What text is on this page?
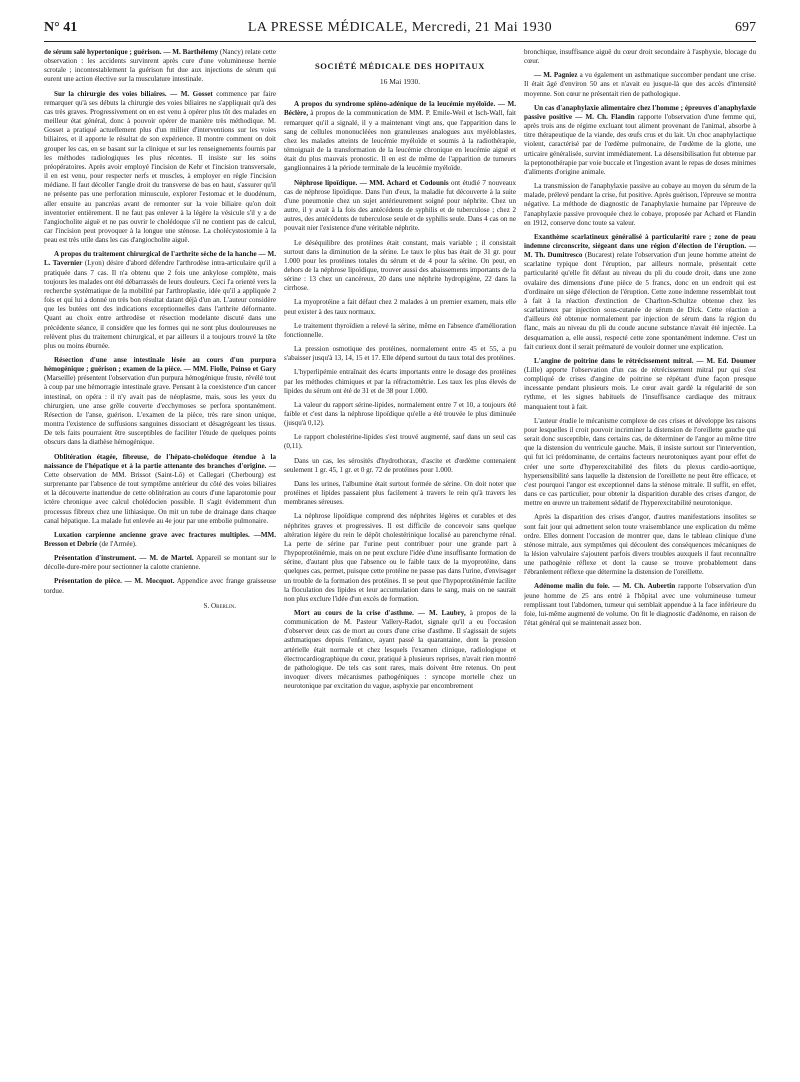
N° 41	LA PRESSE MÉDICALE, Mercredi, 21 Mai 1930	697

de sérum salé hypertonique ; guérison. — M. Barthélemy (Nancy) relate cette observation : les accidents survinrent après cure d'une volumineuse hernie scrotale ; incontestablement la guérison fut due aux injections de sérum qui eurent une action élective sur la musculature intestinale.

Sur la chirurgie des voies biliaires. — M. Gosset commence par faire remarquer qu'à ses débuts la chirurgie des voies biliaires ne s'appliquait qu'à des cas très graves. Progressivement on en est venu à opérer plus tôt des malades en meilleur état général, donc à pouvoir opérer de manière très méthodique. M. Gosset a pratiqué actuellement plus d'un millier d'interventions sur les voies biliaires, et il apporte le résultat de son expérience. Il montre comment on doit grouper les cas, en se basant sur la clinique et sur les renseignements fournis par les méthodes radiologiques les plus récentes. Il insiste sur les soins préopératoires. Après avoir employé l'incision de Kehr et l'incision transversale, il en est venu, pour respecter nerfs et muscles, à employer en règle l'incision médiane. Il faut décoller l'angle droit du transverse de bas en haut, s'assurer qu'il ne présente pas une perforation minuscule, explorer l'estomac et le duodénum, aller ensuite au pancréas avant de remonter sur la voie biliaire qu'on doit inventorier entièrement. Il ne faut pas enlever à la légère la vésicule s'il y a de l'angiocholite aiguë et ne pas ouvrir le cholédoque s'il ne contient pas de calcul, car l'incision peut provoquer à la longue une sténose. La cholécystostomie à la peau est très utile dans les cas d'angiocholite aiguë.

A propos du traitement chirurgical de l'arthrite sèche de la hanche — M. L. Tavernier (Lyon) désire d'abord défendre l'arthrodèse intra-articulaire qu'il a pratiquée dans 7 cas. Il n'a obtenu que 2 fois une ankylose complète, mais toujours les malades ont été débarrassés de leurs douleurs. Ceci l'a orienté vers la recherche systématique de la mobilité par l'arthroplastie, idée qu'il a appliquée 2 fois et qui lui a donné un très bon résultat datant déjà d'un an. L'auteur considère que les butées ont des indications exceptionnelles dans l'arthrite déformante. Quant au choix entre arthrodèse et résection modelante discuté dans une précédente séance, il considère que les formes qui ne sont plus douloureuses ne relèvent plus du traitement chirurgical, et par ailleurs il a toujours trouvé la tête plus ou moins éburnée.

Résection d'une anse intestinale lésée au cours d'un purpura hémogénique ; guérison ; examen de la pièce. — MM. Fiolle, Poinso et Gary (Marseille) présentent l'observation d'un purpura hémogénique fruste, révélé tout à coup par une hémorragie intestinale grave. Pensant à la coexistence d'un cancer intestinal, on opéra : il n'y avait pas de néoplasme, mais, sous les yeux du chirurgien, une anse grêle couverte d'ecchymoses se perfora spontanément. Résection de l'anse, guérison. L'examen de la pièce, très rare sinon unique, montra l'existence de suffusions sanguines dissociant et désagrégeant les tissus. De tels faits pourraient être susceptibles de faciliter l'étude de quelques points obscurs dans la diathèse hémogénique.

Oblitération étagée, fibreuse, de l'hépato-cholédoque étendue à la naissance de l'hépatique et à la partie attenante des branches d'origine. — Cette observation de MM. Brissot (Saint-Lô) et Callegari (Cherbourg) est surprenante par l'absence de tout symptôme antérieur du côté des voies biliaires et la découverte inattendue de cette oblitération au cours d'une laparotomie pour ictère chronique avec calcul cholédocien possible. Il s'agit évidemment d'un processus fibreux chez une lithiasique. On mit un tube de drainage dans chaque canal hépatique. La malade fut enlevée au 4e jour par une embolie pulmonaire.

Luxation carpienne ancienne grave avec fractures multiples. —MM. Bresson et Debrie (de l'Armée).

Présentation d'instrument. — M. de Martel. Appareil se montant sur le décolle-dure-mère pour sectionner la calotte cranienne.

Présentation de pièce. — M. Mocquot. Appendice avec frange graisseuse tordue.

S. Oberlin.
SOCIÉTÉ MÉDICALE DES HOPITAUX
16 Mai 1930.

A propos du syndrome spléno-adénique de la leucémie myéloïde. — M. Béclère, à propos de la communication de MM. P. Emile-Weil et Isch-Wall, fait remarquer qu'il a signalé, il y a maintenant vingt ans, que l'apparition dans le sang de cellules mononucléées non granuleuses analogues aux myéloblastes, chez les malades atteints de leucémie myéloïde et soumis à la radiothérapie, témoignait de la transformation de la leucémie chronique en leucémie aiguë et était du plus mauvais pronostic. Il en est de même de l'apparition de tumeurs ganglionnaires à la période terminale de la leucémie myéloïde.

Néphrose lipoïdique. — MM. Achard et Codounis ont étudié 7 nouveaux cas de néphrose lipoïdique. Dans l'un d'eux, la maladie fut découverte à la suite d'une pneumonie chez un sujet antérieurement soigné pour néphrite. Chez un autre, il y avait à la fois des antécédents de syphilis et de tuberculose ; chez 2 autres, des antécédents de tuberculose seule et de syphilis seule. Dans 4 cas on ne pouvait nier l'existence d'une véritable néphrite.

Le déséquilibre des protéines était constant, mais variable ; il consistait surtout dans la diminution de la sérine. Le taux le plus bas était de 31 gr. pour 1.000 pour les protéines totales du sérum et de 4 pour la sérine. On peut, en dehors de la néphrose lipoïdique, trouver aussi des abaissements importants de la sérine : 13 chez un cancéreux, 20 dans une néphrite hydropigène, 22 dans la cirrhose.

La myoprotéine a fait défaut chez 2 malades à un premier examen, mais elle peut exister à des taux normaux.

Le traitement thyroïdien a relevé la sérine, même en l'absence d'amélioration fonctionnelle.

La pression osmotique des protéines, normalement entre 45 et 55, a pu s'abaisser jusqu'à 13, 14, 15 et 17. Elle dépend surtout du taux total des protéines.

L'hyperlipémie entraînait des écarts importants entre le dosage des protéines par les méthodes chimiques et par la réfractométrie. Les taux les plus élevés de lipides du sérum ont été de 31 et de 38 pour 1.000.

La valeur du rapport sérine-lipides, normalement entre 7 et 10, a toujours été faible et c'est dans la néphrose lipoïdique qu'elle a été trouvée le plus diminuée (jusqu'à 0,12).

Le rapport cholestérine-lipides s'est trouvé augmenté, sauf dans un seul cas (0,11).

Dans un cas, les sérosités d'hydrothorax, d'ascite et d'œdème contenaient seulement 1 gr. 45, 1 gr. et 0 gr. 72 de protéines pour 1.000.

Dans les urines, l'albumine était surtout formée de sérine. On doit noter que protéines et lipides passaient plus facilement à travers le rein qu'à travers les membranes séreuses.

La néphrose lipoïdique comprend des néphrites légères et curables et des néphrites graves et progressives. Il est difficile de concevoir sans quelque altération légère du rein le dépôt cholestérinique localisé au parenchyme rénal. La perte de sérine par l'urine peut contribuer pour une grande part à l'hypoprotéinémie, mais on ne peut exclure l'idée d'une insuffisante formation de sérine, d'autant plus que l'absence ou le faible taux de la myoprotéine, dans quelques cas, permet, puisque cette protéine ne passe pas dans l'urine, d'envisager un trouble de la formation des protéines. Il se peut que l'hypoprotéinémie facilite la floculation des lipides et leur accumulation dans le sang, mais on ne saurait non plus exclure l'idée d'un excès de formation.

Mort au cours de la crise d'asthme. — M. Laubry, à propos de la communication de M. Pasteur Vallery-Radot, signale qu'il a eu l'occasion d'observer deux cas de mort au cours d'une crise d'asthme. Il s'agissait de sujets asthmatiques depuis l'enfance, ayant passé la quarantaine, dont la pression artérielle était normale et chez lesquels l'examen clinique, radiologique et électrocardiographique du cœur, pratiqué à plusieurs reprises, n'avait rien montré de pathologique. De tels cas sont rares, mais doivent être retenus. On peut invoquer divers mécanismes pathogéniques : syncope mortelle chez un neurotonique par excitation du vague, asphyxie par encombrement

bronchique, insuffisance aiguë du cœur droit secondaire à l'asphyxie, blocage du cœur.

— M. Pagniez a vu également un asthmatique succomber pendant une crise. Il était âgé d'environ 50 ans et n'avait eu jusque-là que des accès d'intensité moyenne. Son cœur ne présentait rien de pathologique.

Un cas d'anaphylaxie alimentaire chez l'homme ; épreuves d'anaphylaxie passive positive — M. Ch. Flandin rapporte l'observation d'une femme qui, après trois ans de régime excluant tout aliment provenant de l'animal, absorbe à titre thérapeutique de la viande, des œufs crus et du lait. Un choc anaphylactique violent, caractérisé par de l'œdème pulmonaire, de l'œdème de la glotte, une urticaire généralisée, survint immédiatement. La désensibilisation fut obtenue par la peptonothérapie par voie buccale et l'ingestion avant le repas de doses minimes d'aliments d'origine animale.

La transmission de l'anaphylaxie passive au cobaye au moyen du sérum de la malade, prélevé pendant la crise, fut positive. Après guérison, l'épreuve se montra négative. La méthode de diagnostic de l'anaphylaxie humaine par l'épreuve de l'anaphylaxie passive provoquée chez le cobaye, proposée par Achard et Flandin en 1912, conserve donc toute sa valeur.

Exanthème scarlatineux généralisé à particularité rare ; zone de peau indemne circonscrite, siégeant dans une région d'élection de l'éruption. — M. Th. Dumitresco (Bucarest) relate l'observation d'un jeune homme atteint de scarlatine typique dont l'éruption, par ailleurs normale, présentait cette particularité qu'elle fit défaut au niveau du pli du coude droit, dans une zone ovalaire des dimensions d'une pièce de 5 francs, donc en un endroit qui est d'ordinaire un siège d'élection de l'éruption. Cette zone indemne ressemblait tout à fait à la réaction d'extinction de Charlton-Schultze obtenue chez les scarlatineux par injection sous-cutanée de sérum de Dick. Cette réaction a d'ailleurs été obtenue normalement par injection de sérum dans la région du flanc, mais au niveau du pli du coude aucune substance n'avait été injectée. La desquamation a, elle aussi, respecté cette zone spontanément indemne. C'est un fait curieux dont il serait prématuré de vouloir donner une explication.

L'angine de poitrine dans le rétrécissement mitral. — M. Ed. Doumer (Lille) apporte l'observation d'un cas de rétrécissement mitral pur qui s'est compliqué de crises d'angine de poitrine se répétant d'une façon presque incessante pendant plusieurs mois. Le cœur avait gardé la régularité de son rythme, et les signes habituels de l'insuffisance cardiaque des mitraux manquaient tout à fait.

L'auteur étudie le mécanisme complexe de ces crises et développe les raisons pour lesquelles il croit pouvoir incriminer la distension de l'oreillette gauche qui serait donc susceptible, dans certains cas, de déterminer de l'angor au même titre que la distension du ventricule gauche. Mais, il insiste surtout sur l'intervention, qui fut ici prédominante, de certains facteurs neurotoniques ayant pour effet de créer une sorte d'hyperexcitabilité des filets du plexus cardio-aortique, hypersensibilité sans laquelle la distension de l'oreillette ne peut être efficace, et c'est pourquoi l'angor est exceptionnel dans la sténose mitrale. Il suffit, en effet, dans ce cas particulier, pour obtenir la disparition durable des crises d'angor, de mettre en œuvre un traitement sédatif de l'hyperexcitabilité neurotonique.

Après la disparition des crises d'angor, d'autres manifestations insolites se sont fait jour qui admettent selon toute vraisemblance une explication du même ordre. Elles donnent l'occasion de montrer que, dans le tableau clinique d'une sténose mitrale, aux symptômes qui découlent des conséquences mécaniques de la lésion valvulaire s'ajoutent parfois divers troubles auxquels il faut reconnaître une pathogénie réflexe et dont la cause se trouve probablement dans l'ébranlement réflexe que détermine la distension de l'oreillette.

Adénome malin du foie. — M. Ch. Aubertin rapporte l'observation d'un jeune homme de 25 ans entré à l'hôpital avec une volumineuse tumeur remplissant tout l'abdomen, tumeur qui semblait appendue à la face inférieure du foie, lui-même augmenté de volume. On fit le diagnostic d'adénome, en raison de l'état général qui se maintenait assez bon.
